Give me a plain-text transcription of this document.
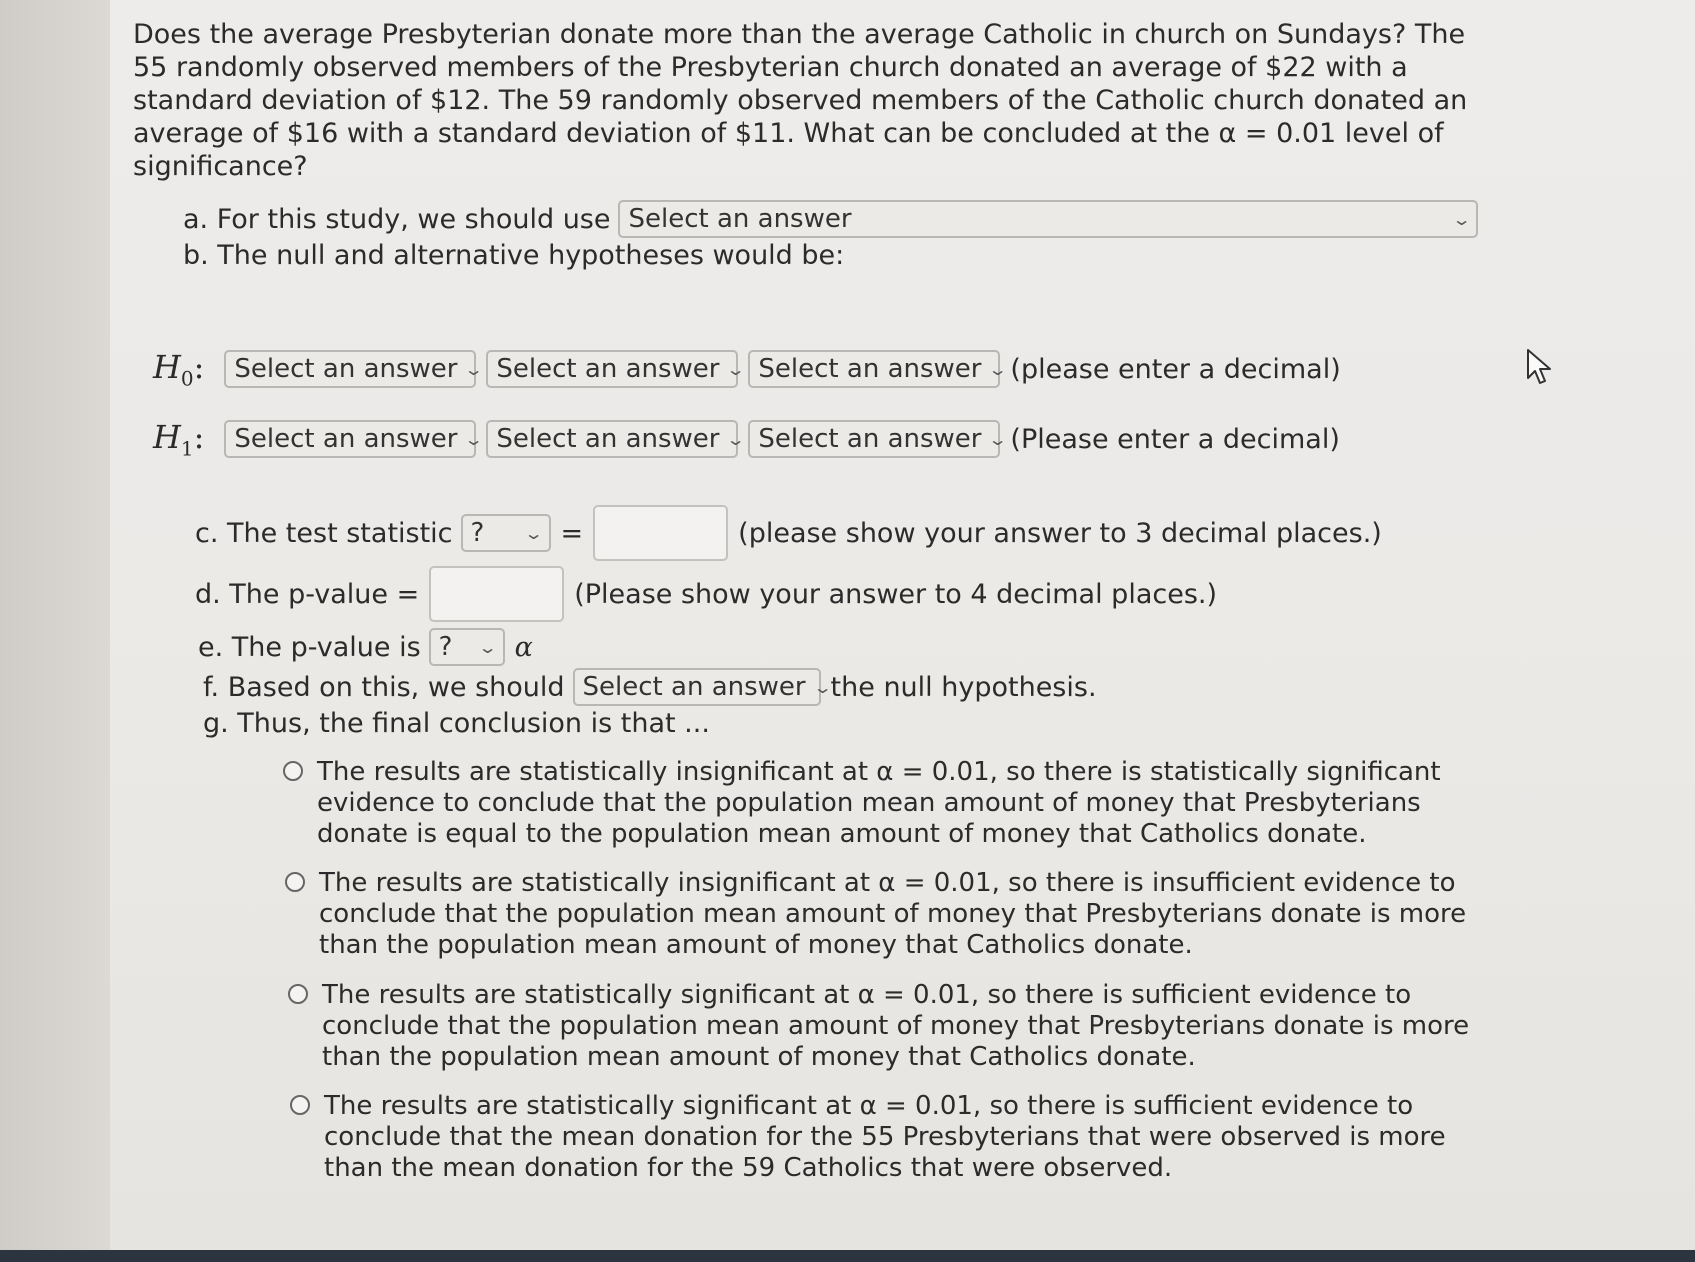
Does the average Presbyterian donate more than the average Catholic in church on Sundays? The 55 randomly observed members of the Presbyterian church donated an average of $22 with a standard deviation of $12. The 59 randomly observed members of the Catholic church donated an average of $16 with a standard deviation of $11. What can be concluded at the α = 0.01 level of significance?
a. For this study, we should use Select an answer	⌄
b. The null and alternative hypotheses would be:
$H_0$: Select an answer ⌄ Select an answer ⌄ Select an answer ⌄ (please enter a decimal)
$H_1$: Select an answer ⌄ Select an answer ⌄ Select an answer ⌄ (Please enter a decimal)
c. The test statistic ? ⌄ =	(please show your answer to 3 decimal places.)
d. The p-value =	(Please show your answer to 4 decimal places.)
e. The p-value is ? ⌄ α
f. Based on this, we should Select an answer ⌄
the null hypothesis.
g. Thus, the final conclusion is that ...
The results are statistically insignificant at α = 0.01, so there is statistically significant evidence to conclude that the population mean amount of money that Presbyterians donate is equal to the population mean amount of money that Catholics donate.
The results are statistically insignificant at α = 0.01, so there is insufficient evidence to conclude that the population mean amount of money that Presbyterians donate is more than the population mean amount of money that Catholics donate.
The results are statistically significant at α = 0.01, so there is sufficient evidence to conclude that the population mean amount of money that Presbyterians donate is more than the population mean amount of money that Catholics donate.
The results are statistically significant at α = 0.01, so there is sufficient evidence to conclude that the mean donation for the 55 Presbyterians that were observed is more than the mean donation for the 59 Catholics that were observed.
